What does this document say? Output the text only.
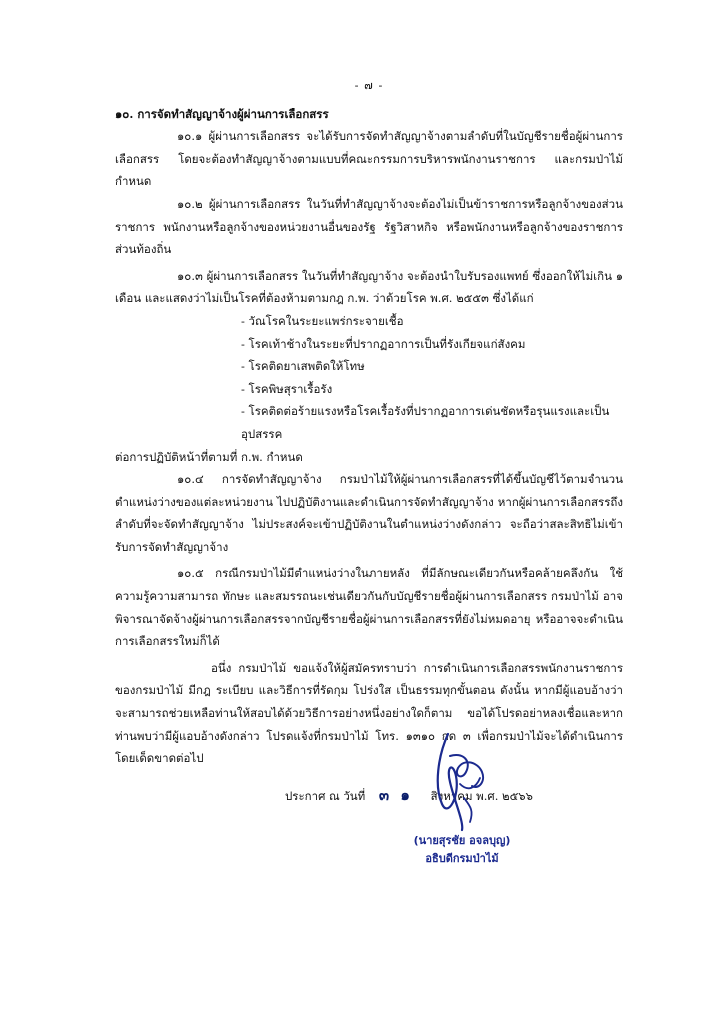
- ๗ -
๑๐. การจัดทำสัญญาจ้างผู้ผ่านการเลือกสรร

๑๐.๑ ผู้ผ่านการเลือกสรร จะได้รับการจัดทำสัญญาจ้างตามลำดับที่ในบัญชีรายชื่อผู้ผ่านการเลือกสรร โดยจะต้องทำสัญญาจ้างตามแบบที่คณะกรรมการบริหารพนักงานราชการ และกรมป่าไม้กำหนด

๑๐.๒ ผู้ผ่านการเลือกสรร ในวันที่ทำสัญญาจ้างจะต้องไม่เป็นข้าราชการหรือลูกจ้างของส่วนราชการ พนักงานหรือลูกจ้างของหน่วยงานอื่นของรัฐ รัฐวิสาหกิจ หรือพนักงานหรือลูกจ้างของราชการส่วนท้องถิ่น

๑๐.๓ ผู้ผ่านการเลือกสรร ในวันที่ทำสัญญาจ้าง จะต้องนำใบรับรองแพทย์ ซึ่งออกให้ไม่เกิน ๑ เดือน และแสดงว่าไม่เป็นโรคที่ต้องห้ามตามกฎ ก.พ. ว่าด้วยโรค พ.ศ. ๒๕๕๓ ซึ่งได้แก่

- วัณโรคในระยะแพร่กระจายเชื้อ
- โรคเท้าช้างในระยะที่ปรากฏอาการเป็นที่รังเกียจแก่สังคม
- โรคติดยาเสพติดให้โทษ
- โรคพิษสุราเรื้อรัง
- โรคติดต่อร้ายแรงหรือโรคเรื้อรังที่ปรากฏอาการเด่นชัดหรือรุนแรงและเป็นอุปสรรค

ต่อการปฏิบัติหน้าที่ตามที่ ก.พ. กำหนด

๑๐.๔ การจัดทำสัญญาจ้าง กรมป่าไม้ให้ผู้ผ่านการเลือกสรรที่ได้ขึ้นบัญชีไว้ตามจำนวนตำแหน่งว่างของแต่ละหน่วยงาน ไปปฏิบัติงานและดำเนินการจัดทำสัญญาจ้าง หากผู้ผ่านการเลือกสรรถึงลำดับที่จะจัดทำสัญญาจ้าง ไม่ประสงค์จะเข้าปฏิบัติงานในตำแหน่งว่างดังกล่าว จะถือว่าสละสิทธิไม่เข้ารับการจัดทำสัญญาจ้าง

๑๐.๕ กรณีกรมป่าไม้มีตำแหน่งว่างในภายหลัง ที่มีลักษณะเดียวกันหรือคล้ายคลึงกัน ใช้ความรู้ความสามารถ ทักษะ และสมรรถนะเช่นเดียวกันกับบัญชีรายชื่อผู้ผ่านการเลือกสรร กรมป่าไม้ อาจพิจารณาจัดจ้างผู้ผ่านการเลือกสรรจากบัญชีรายชื่อผู้ผ่านการเลือกสรรที่ยังไม่หมดอายุ หรืออาจจะดำเนินการเลือกสรรใหม่ก็ได้

อนึ่ง กรมป่าไม้ ขอแจ้งให้ผู้สมัครทราบว่า การดำเนินการเลือกสรรพนักงานราชการของกรมป่าไม้ มีกฎ ระเบียบ และวิธีการที่รัดกุม โปร่งใส เป็นธรรมทุกขั้นตอน ดังนั้น หากมีผู้แอบอ้างว่าจะสามารถช่วยเหลือท่านให้สอบได้ด้วยวิธีการอย่างหนึ่งอย่างใดก็ตาม ขอได้โปรดอย่าหลงเชื่อและหากท่านพบว่ามีผู้แอบอ้างดังกล่าว โปรดแจ้งที่กรมป่าไม้ โทร. ๑๓๑๐ กด ๓ เพื่อกรมป่าไม้จะได้ดำเนินการโดยเด็ดขาดต่อไป

ประกาศ ณ วันที่ ๓ ๑ สิงหาคม พ.ศ. ๒๕๖๖
(นายสุรชัย อจลบุญ)
อธิบดีกรมป่าไม้
